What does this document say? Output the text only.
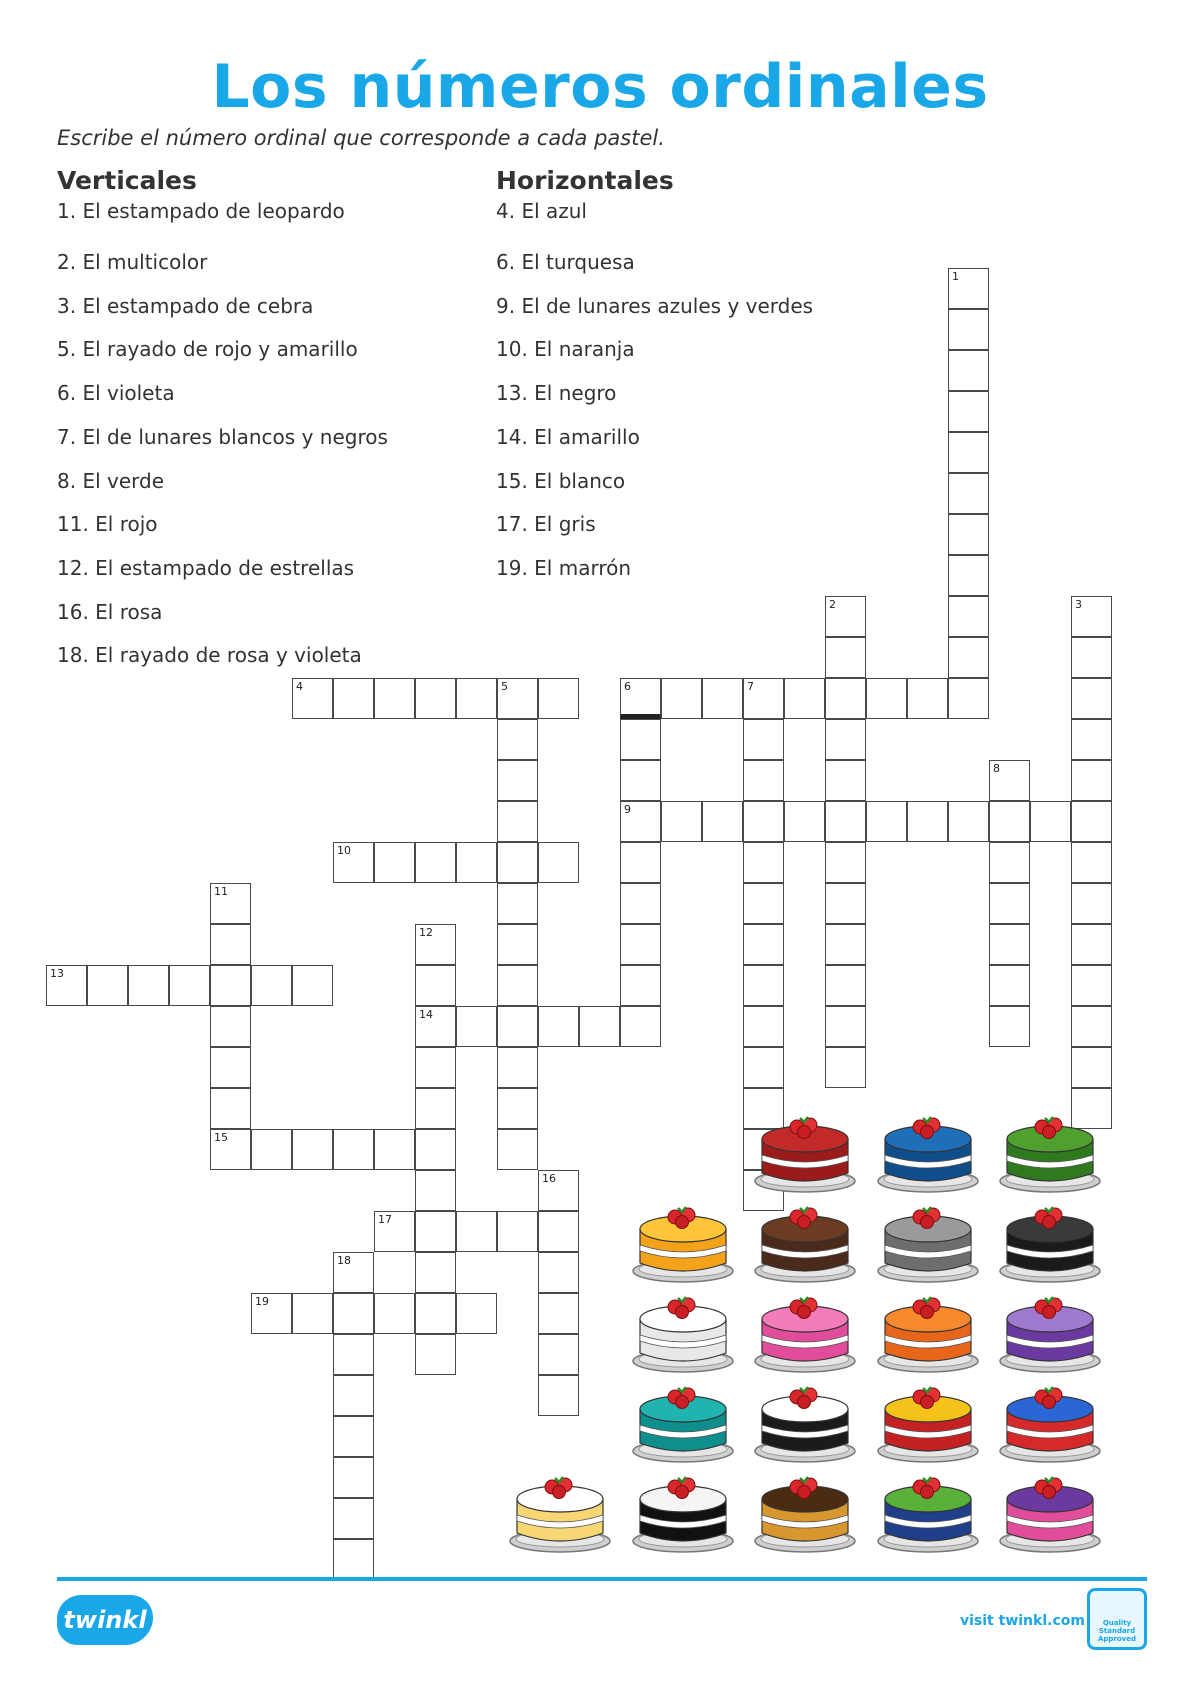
Los números ordinales
Escribe el número ordinal que corresponde a cada pastel.
Verticales
1. El estampado de leopardo
2. El multicolor
3. El estampado de cebra
5. El rayado de rojo y amarillo
6. El violeta
7. El de lunares blancos y negros
8. El verde
11. El rojo
12. El estampado de estrellas
16. El rosa
18. El rayado de rosa y violeta
Horizontales
4. El azul
6. El turquesa
9. El de lunares azules y verdes
10. El naranja
13. El negro
14. El amarillo
15. El blanco
17. El gris
19. El marrón
1
2	3
4	5	6	7
9
8
10
11
15
12
14
13
16
17
18
19
twinkl	visit twinkl.com	Quality Standard Approved
